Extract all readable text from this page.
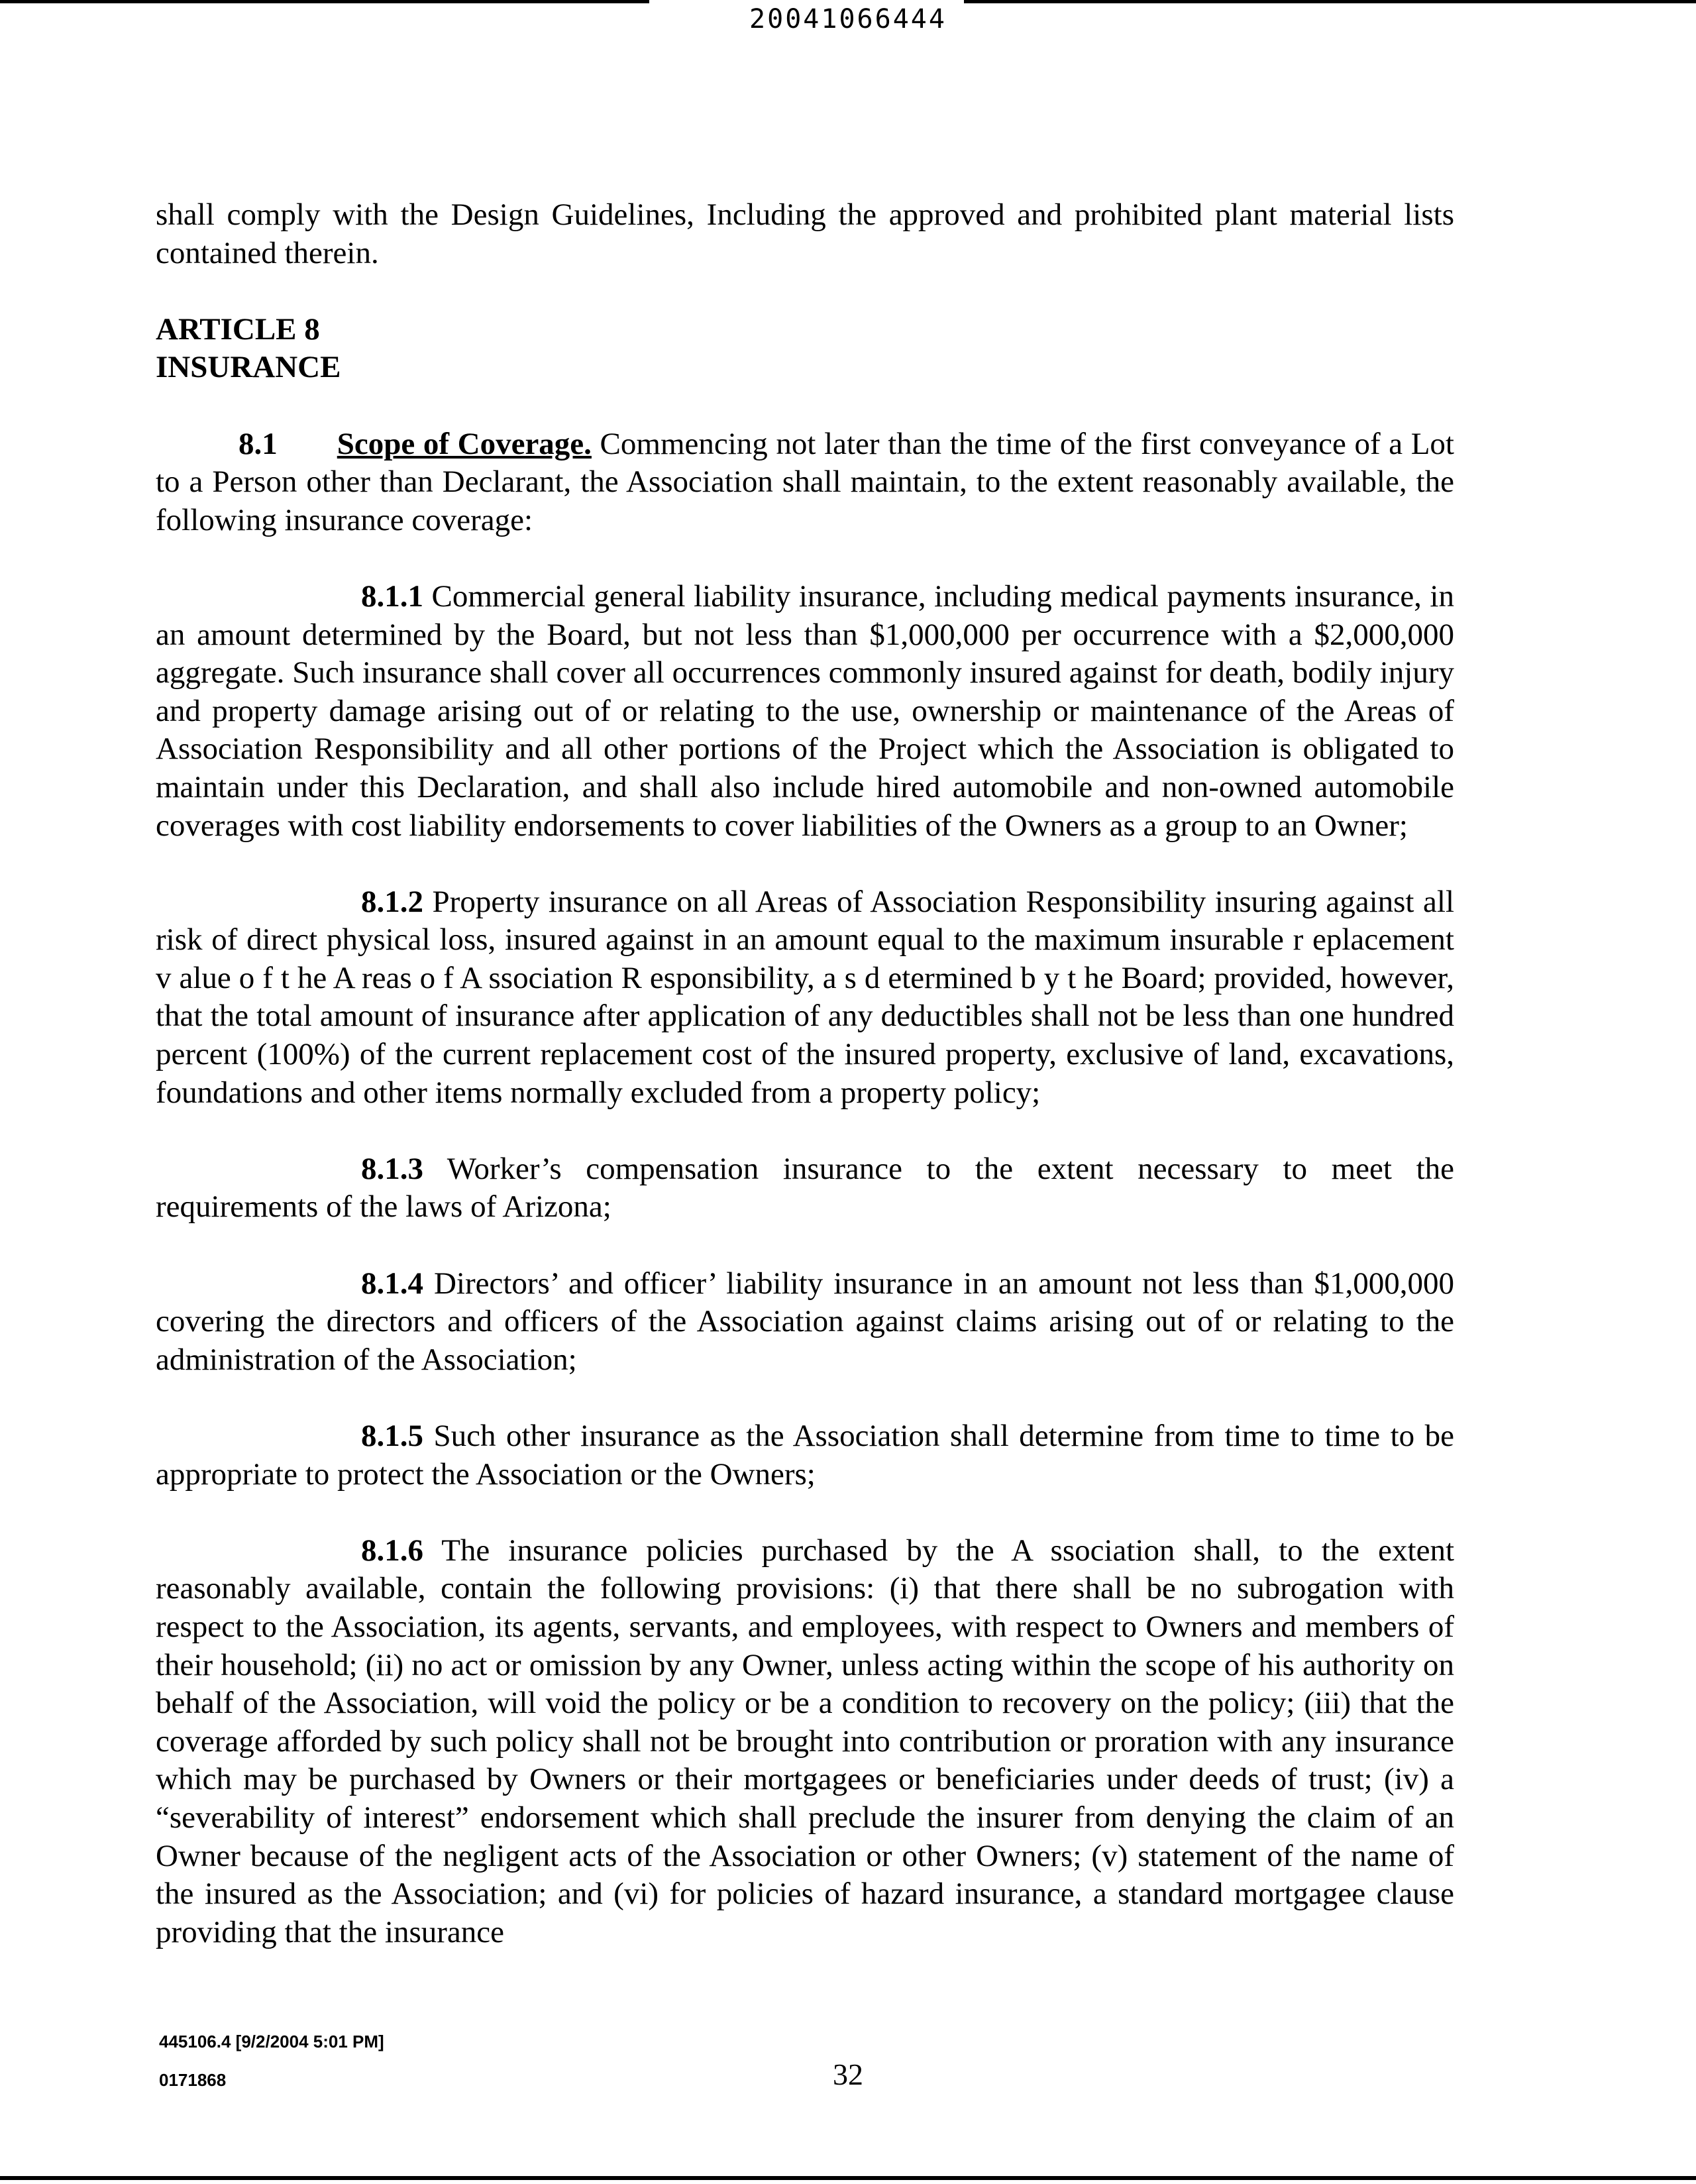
20041066444

shall comply with the Design Guidelines, Including the approved and prohibited plant material lists contained therein.

ARTICLE 8

INSURANCE

8.1 Scope of Coverage. Commencing not later than the time of the first conveyance of a Lot to a Person other than Declarant, the Association shall maintain, to the extent reasonably available, the following insurance coverage:

8.1.1 Commercial general liability insurance, including medical payments insurance, in an amount determined by the Board, but not less than $1,000,000 per occurrence with a $2,000,000 aggregate. Such insurance shall cover all occurrences commonly insured against for death, bodily injury and property damage arising out of or relating to the use, ownership or maintenance of the Areas of Association Responsibility and all other portions of the Project which the Association is obligated to maintain under this Declaration, and shall also include hired automobile and non-owned automobile coverages with cost liability endorsements to cover liabilities of the Owners as a group to an Owner;

8.1.2 Property insurance on all Areas of Association Responsibility insuring against all risk of direct physical loss, insured against in an amount equal to the maximum insurable r eplacement v alue o f t he A reas o f A ssociation R esponsibility, a s d etermined b y t he Board; provided, however, that the total amount of insurance after application of any deductibles shall not be less than one hundred percent (100%) of the current replacement cost of the insured property, exclusive of land, excavations, foundations and other items normally excluded from a property policy;

8.1.3 Worker’s compensation insurance to the extent necessary to meet the requirements of the laws of Arizona;

8.1.4 Directors’ and officer’ liability insurance in an amount not less than $1,000,000 covering the directors and officers of the Association against claims arising out of or relating to the administration of the Association;

8.1.5 Such other insurance as the Association shall determine from time to time to be appropriate to protect the Association or the Owners;

8.1.6 The insurance policies purchased by the A ssociation shall, to the extent reasonably available, contain the following provisions: (i) that there shall be no subrogation with respect to the Association, its agents, servants, and employees, with respect to Owners and members of their household; (ii) no act or omission by any Owner, unless acting within the scope of his authority on behalf of the Association, will void the policy or be a condition to recovery on the policy; (iii) that the coverage afforded by such policy shall not be brought into contribution or proration with any insurance which may be purchased by Owners or their mortgagees or beneficiaries under deeds of trust; (iv) a “severability of interest” endorsement which shall preclude the insurer from denying the claim of an Owner because of the negligent acts of the Association or other Owners; (v) statement of the name of the insured as the Association; and (vi) for policies of hazard insurance, a standard mortgagee clause providing that the insurance

445106.4 [9/2/2004 5:01 PM]
0171868	32
